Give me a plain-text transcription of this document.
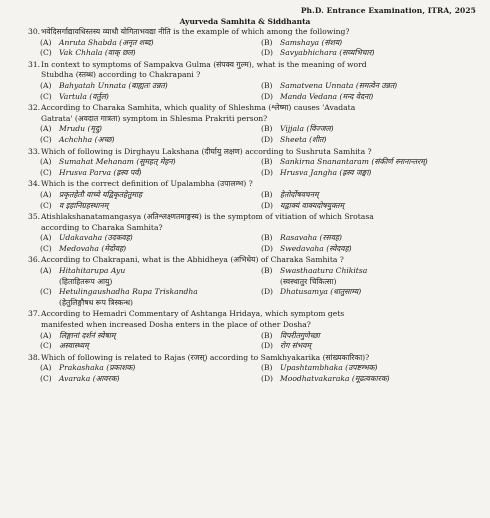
Ph.D. Entrance Examination, ITRA, 2025
Ayurveda Samhita & Siddhanta
30.भवेदिसर्गाद्यावधिस्तस्य व्याधौ योगिताभवद्या नीति is the example of which among the following?
(A) Anruta Shabda (अनृत शब्द)	(B) Samshaya (संशय)
(C) Vak Chhala (वाक् छल)	(D) Savyabhichara (सव्यभिचार)
31.In context to symptoms of Sampakva Gulma (संपक्व गुल्म), what is the meaning of word
Stubdha (स्तब्ध) according to Chakrapani ?
(A) Bahyatah Unnata (बाह्यतः उन्नत)	(B) Samatvena Unnata (समत्वेन उन्नत)
(C) Vartula (वर्तुल)	(D) Manda Vedana (मन्द वेदना)
32.According to Charaka Samhita, which quality of Shleshma (श्लेष्मा) causes 'Avadata
Gatrata' (अवदात गात्रता) symptom in Shlesma Prakriti person?
(A) Mrudu (मृदु)	(B) Vijjala (विज्जल)
(C) Achchha (अच्छ)	(D) Sheeta (शीत)
33.Which of following is Dirghayu Lakshana (दीर्घायु लक्षण) according to Sushruta Samhita ?
(A) Sumahat Mehanam (सुमहत् मेहन)	(B) Sankirna Snanantaram (संकीर्ण स्नानान्तरम्)
(C) Hrusva Parva (ह्रस्व पर्व)	(D) Hrusva Jangha (ह्रस्व जङ्घा)
34.Which is the correct definition of Upalambha (उपालम्भ) ?
(A) प्रकृतहेतौ वाच्ये यद्विकृतहेतुमाह	(B) हेतोर्दोषवचनम्
(C) व इहानिग्रहस्थानम्	(D) यद्वाक्यं वाक्यदोषयुक्तम्
35.Atishlakshanatamangasya (अतिश्लक्ष्णतमाङ्गस्य) is the symptom of vitiation of which Srotasa
according to Charaka Samhita?
(A) Udakavaha (उदकवह)	(B) Rasavaha (रसवह)
(C) Medovaha (मेदोवह)	(D) Swedavaha (स्वेदवह)
36.According to Chakrapani, what is the Abhidheya (अभिधेय) of Charaka Samhita ?
(A) Hitahitarupa Ayu
(हिताहितरूप आयु)
(B) Swasthaatura Chikitsa
(स्वस्थातुर चिकित्सा)
(C) Hetulingaushadha Rupa Triskandha
(हेतुलिङ्गौषध रूप त्रिस्कन्ध)
(D) Dhatusamya (धातुसाम्य)
37.According to Hemadri Commentary of Ashtanga Hridaya, which symptom gets
manifested when increased Dosha enters in the place of other Dosha?
(A) लिङ्गानां दर्शनं स्वेषाम्	(B) विपरीतगुणेच्छा
(C) अस्वास्थ्यम्	(D) रोग संभवम्
38.Which of following is related to Rajas (रजस्) according to Samkhyakarika (सांख्यकारिका)?
(A) Prakashaka (प्रकाशक)	(B) Upashtambhaka (उपष्टम्भक)
(C) Avaraka (आवरक)	(D) Moodhatvakaraka (मूढत्वकारक)
